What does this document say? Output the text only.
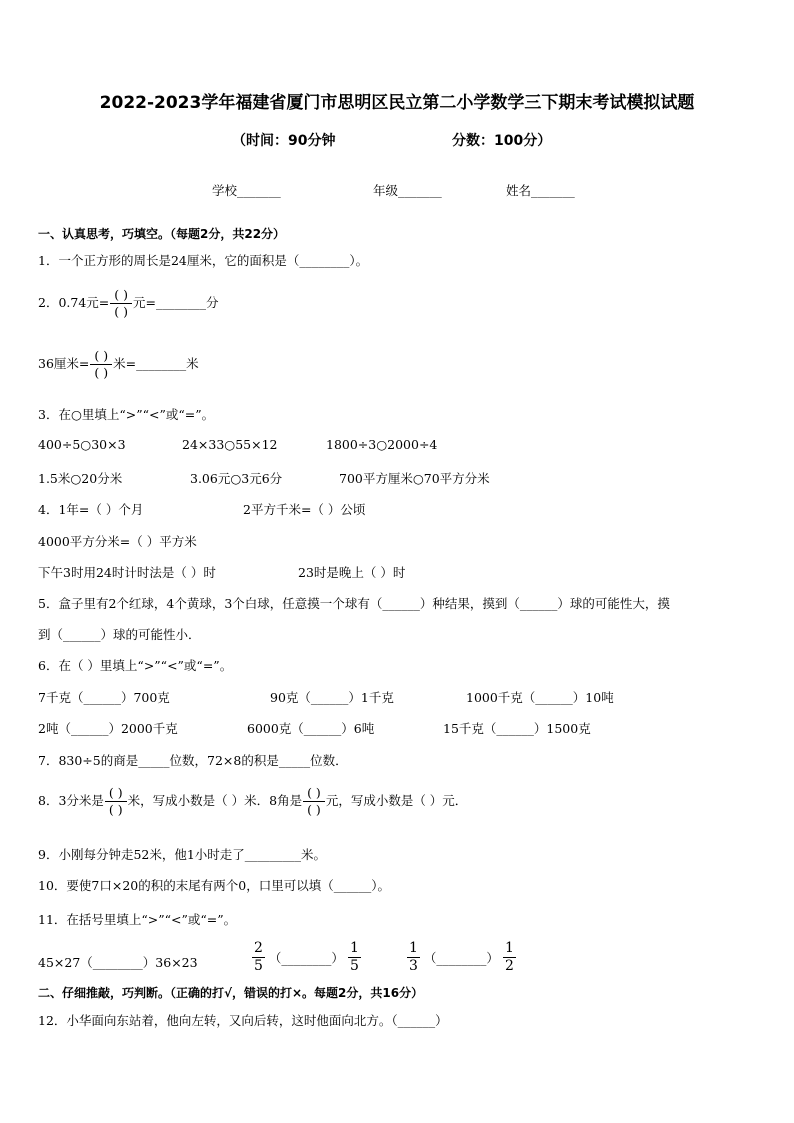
2022-2023学年福建省厦门市思明区民立第二小学数学三下期末考试模拟试题
（时间：90分钟	分数：100分）
学校_______	年级_______	姓名_______
一、认真思考，巧填空。（每题2分，共22分）
1．一个正方形的周长是24厘米，它的面积是（________）。
2．0.74元= $\frac{( )}{( )}$ 元=________分
36厘米= $\frac{( )}{( )}$ 米=________米
3．在○里填上“>”“<”或“=”。
400÷5○30×3	24×33○55×12	1800÷3○2000÷4
1.5米○20分米	3.06元○3元6分	700平方厘米○70平方分米
4．1年=（ ）个月	2平方千米=（ ）公顷
4000平方分米=（ ）平方米
下午3时用24时计时法是（ ）时	23时是晚上（ ）时
5．盒子里有2个红球，4个黄球，3个白球，任意摸一个球有（______）种结果，摸到（______）球的可能性大，摸
到（______）球的可能性小．
6．在（ ）里填上“>”“<”或“=”。
7千克（______）700克	90克（______）1千克	1000千克（______）10吨
2吨（______）2000千克	6000克（______）6吨	15千克（______）1500克
7．830÷5的商是_____位数，72×8的积是_____位数．
8．3分米是 $\frac{( )}{( )}$ 米，写成小数是（ ）米．8角是 $\frac{( )}{( )}$ 元，写成小数是（ ）元．
9．小刚每分钟走52米，他1小时走了_________米。
10．要使7口×20的积的末尾有两个0，口里可以填（______）。
11．在括号里填上“>”“<”或“=”。
45×27（________）36×23	$\frac{2}{5}$ （________） $\frac{1}{5}$	$\frac{1}{3}$ （________） $\frac{1}{2}$
二、仔细推敲，巧判断。（正确的打√，错误的打×。每题2分，共16分）
12．小华面向东站着，他向左转，又向后转，这时他面向北方。（______）
